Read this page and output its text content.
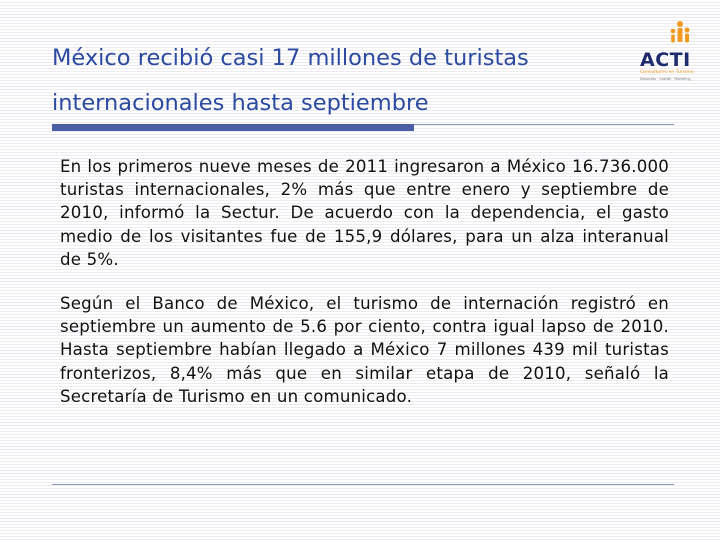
México recibió casi 17 millones de turistas
internacionales hasta septiembre
ACTI
Consultores en Turismo
Desarrollo · Gestión · Marketing

En los primeros nueve meses de 2011 ingresaron a México 16.736.000 turistas internacionales, 2% más que entre enero y septiembre de 2010, informó la Sectur. De acuerdo con la dependencia, el gasto medio de los visitantes fue de 155,9 dólares, para un alza interanual de 5%.

Según el Banco de México, el turismo de internación registró en septiembre un aumento de 5.6 por ciento, contra igual lapso de 2010. Hasta septiembre habían llegado a México 7 millones 439 mil turistas fronterizos, 8,4% más que en similar etapa de 2010, señaló la Secretaría de Turismo en un comunicado.
